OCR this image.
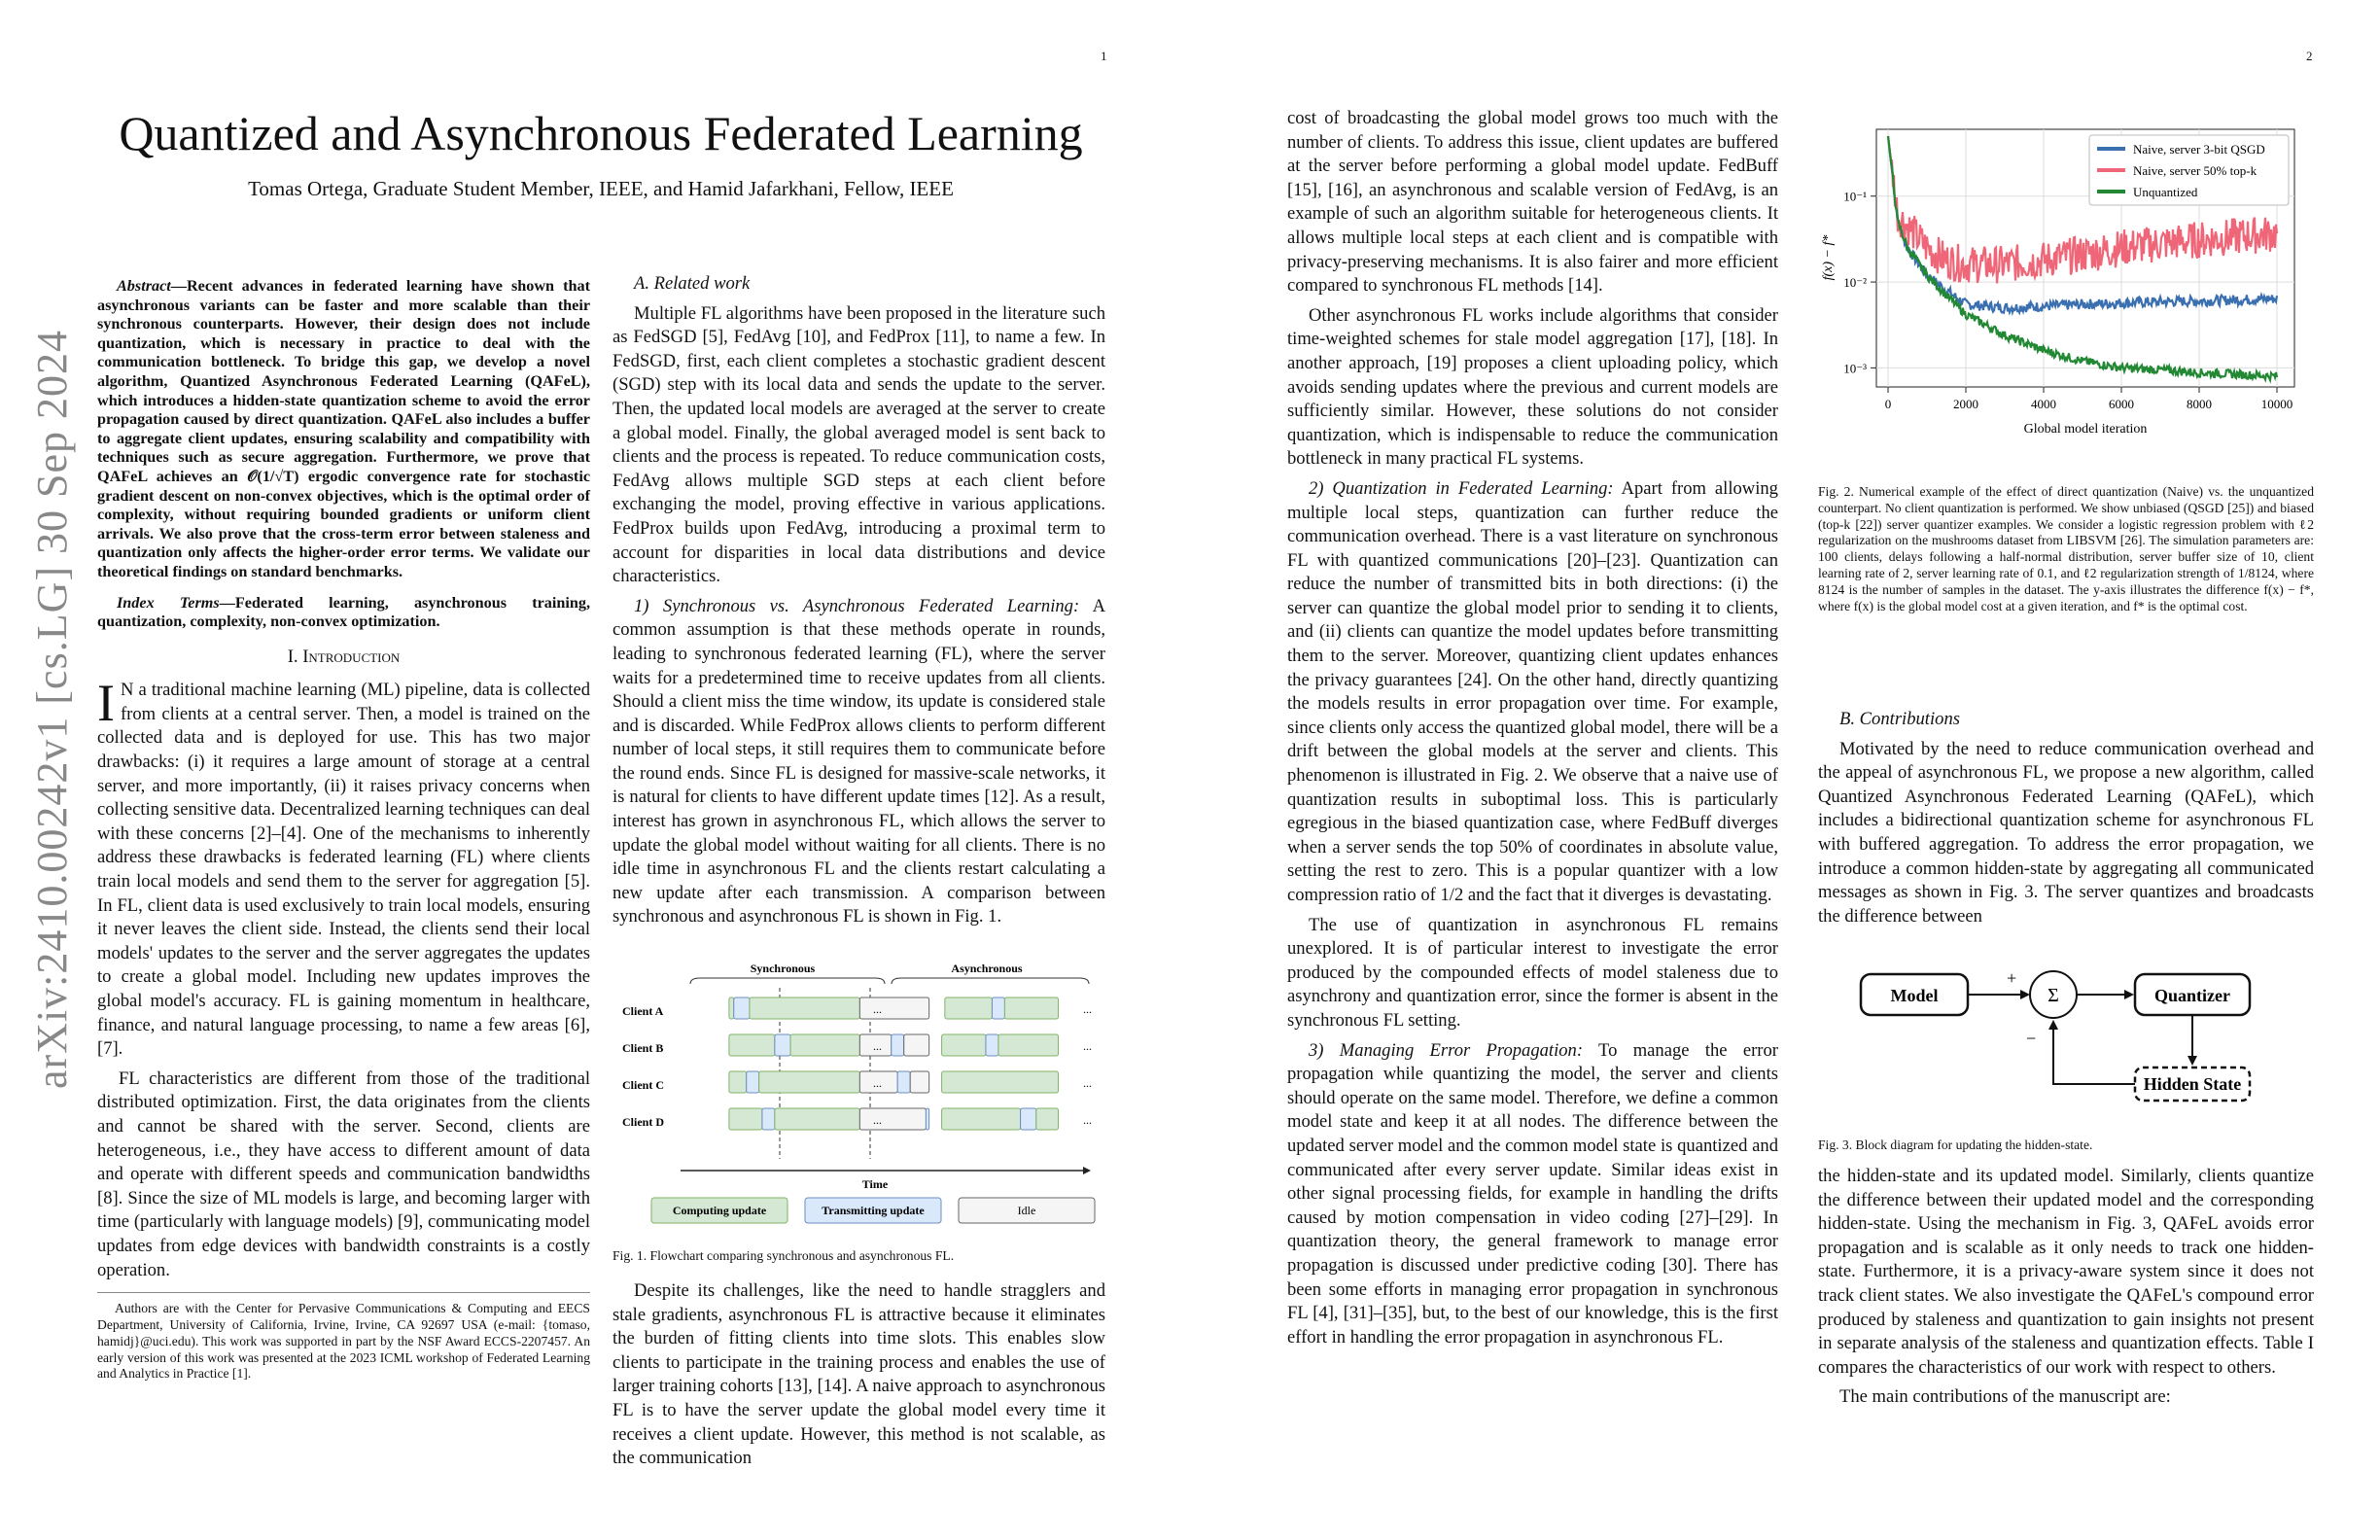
1
arXiv:2410.00242v1 [cs.LG] 30 Sep 2024
Quantized and Asynchronous Federated Learning
Tomas Ortega, Graduate Student Member, IEEE, and Hamid Jafarkhani, Fellow, IEEE

Abstract—Recent advances in federated learning have shown that asynchronous variants can be faster and more scalable than their synchronous counterparts. However, their design does not include quantization, which is necessary in practice to deal with the communication bottleneck. To bridge this gap, we develop a novel algorithm, Quantized Asynchronous Federated Learning (QAFeL), which introduces a hidden-state quantization scheme to avoid the error propagation caused by direct quantization. QAFeL also includes a buffer to aggregate client updates, ensuring scalability and compatibility with techniques such as secure aggregation. Furthermore, we prove that QAFeL achieves an 𝒪(1/√T) ergodic convergence rate for stochastic gradient descent on non-convex objectives, which is the optimal order of complexity, without requiring bounded gradients or uniform client arrivals. We also prove that the cross-term error between staleness and quantization only affects the higher-order error terms. We validate our theoretical findings on standard benchmarks.

Index Terms—Federated learning, asynchronous training, quantization, complexity, non-convex optimization.

I. Introduction

I N a traditional machine learning (ML) pipeline, data is collected from clients at a central server. Then, a model is trained on the collected data and is deployed for use. This has two major drawbacks: (i) it requires a large amount of storage at a central server, and more importantly, (ii) it raises privacy concerns when collecting sensitive data. Decentralized learning techniques can deal with these concerns [2]–[4]. One of the mechanisms to inherently address these drawbacks is federated learning (FL) where clients train local models and send them to the server for aggregation [5]. In FL, client data is used exclusively to train local models, ensuring it never leaves the client side. Instead, the clients send their local models' updates to the server and the server aggregates the updates to create a global model. Including new updates improves the global model's accuracy. FL is gaining momentum in healthcare, finance, and natural language processing, to name a few areas [6], [7].

FL characteristics are different from those of the traditional distributed optimization. First, the data originates from the clients and cannot be shared with the server. Second, clients are heterogeneous, i.e., they have access to different amount of data and operate with different speeds and communication bandwidths [8]. Since the size of ML models is large, and becoming larger with time (particularly with language models) [9], communicating model updates from edge devices with bandwidth constraints is a costly operation.

Authors are with the Center for Pervasive Communications & Computing and EECS Department, University of California, Irvine, Irvine, CA 92697 USA (e-mail: {tomaso, hamidj}@uci.edu). This work was supported in part by the NSF Award ECCS-2207457. An early version of this work was presented at the 2023 ICML workshop of Federated Learning and Analytics in Practice [1].

A. Related work

Multiple FL algorithms have been proposed in the literature such as FedSGD [5], FedAvg [10], and FedProx [11], to name a few. In FedSGD, first, each client completes a stochastic gradient descent (SGD) step with its local data and sends the update to the server. Then, the updated local models are averaged at the server to create a global model. Finally, the global averaged model is sent back to clients and the process is repeated. To reduce communication costs, FedAvg allows multiple SGD steps at each client before exchanging the model, proving effective in various applications. FedProx builds upon FedAvg, introducing a proximal term to account for disparities in local data distributions and device characteristics.

1) Synchronous vs. Asynchronous Federated Learning: A common assumption is that these methods operate in rounds, leading to synchronous federated learning (FL), where the server waits for a predetermined time to receive updates from all clients. Should a client miss the time window, its update is considered stale and is discarded. While FedProx allows clients to perform different number of local steps, it still requires them to communicate before the round ends. Since FL is designed for massive-scale networks, it is natural for clients to have different update times [12]. As a result, interest has grown in asynchronous FL, which allows the server to update the global model without waiting for all clients. There is no idle time in asynchronous FL and the clients restart calculating a new update after each transmission. A comparison between synchronous and asynchronous FL is shown in Fig. 1.

Synchronous	Asynchronous
...	...
...	...
...	...
...	...
Time
Computing update	Transmitting update	Idle
Client A
Client B
Client C
Client D
Fig. 1. Flowchart comparing synchronous and asynchronous FL.

Despite its challenges, like the need to handle stragglers and stale gradients, asynchronous FL is attractive because it eliminates the burden of fitting clients into time slots. This enables slow clients to participate in the training process and enables the use of larger training cohorts [13], [14]. A naive approach to asynchronous FL is to have the server update the global model every time it receives a client update. However, this method is not scalable, as the communication

2

cost of broadcasting the global model grows too much with the number of clients. To address this issue, client updates are buffered at the server before performing a global model update. FedBuff [15], [16], an asynchronous and scalable version of FedAvg, is an example of such an algorithm suitable for heterogeneous clients. It allows multiple local steps at each client and is compatible with privacy-preserving mechanisms. It is also fairer and more efficient compared to synchronous FL methods [14].

Other asynchronous FL works include algorithms that consider time-weighted schemes for stale model aggregation [17], [18]. In another approach, [19] proposes a client uploading policy, which avoids sending updates where the previous and current models are sufficiently similar. However, these solutions do not consider quantization, which is indispensable to reduce the communication bottleneck in many practical FL systems.

2) Quantization in Federated Learning: Apart from allowing multiple local steps, quantization can further reduce the communication overhead. There is a vast literature on synchronous FL with quantized communications [20]–[23]. Quantization can reduce the number of transmitted bits in both directions: (i) the server can quantize the global model prior to sending it to clients, and (ii) clients can quantize the model updates before transmitting them to the server. Moreover, quantizing client updates enhances the privacy guarantees [24]. On the other hand, directly quantizing the models results in error propagation over time. For example, since clients only access the quantized global model, there will be a drift between the global models at the server and clients. This phenomenon is illustrated in Fig. 2. We observe that a naive use of quantization results in suboptimal loss. This is particularly egregious in the biased quantization case, where FedBuff diverges when a server sends the top 50% of coordinates in absolute value, setting the rest to zero. This is a popular quantizer with a low compression ratio of 1/2 and the fact that it diverges is devastating.

The use of quantization in asynchronous FL remains unexplored. It is of particular interest to investigate the error produced by the compounded effects of model staleness due to asynchrony and quantization error, since the former is absent in the synchronous FL setting.

3) Managing Error Propagation: To manage the error propagation while quantizing the model, the server and clients should operate on the same model. Therefore, we define a common model state and keep it at all nodes. The difference between the updated server model and the common model state is quantized and communicated after every server update. Similar ideas exist in other signal processing fields, for example in handling the drifts caused by motion compensation in video coding [27]–[29]. In quantization theory, the general framework to manage error propagation is discussed under predictive coding [30]. There has been some efforts in managing error propagation in synchronous FL [4], [31]–[35], but, to the best of our knowledge, this is the first effort in handling the error propagation in asynchronous FL.

10⁻¹
10⁻²
10⁻³
0	2000	4000	6000	8000	10000
Global model iteration
f(x) − f*
Naive, server 3-bit QSGD
Naive, server 50% top-k
Unquantized
Fig. 2. Numerical example of the effect of direct quantization (Naive) vs. the unquantized counterpart. No client quantization is performed. We show unbiased (QSGD [25]) and biased (top-k [22]) server quantizer examples. We consider a logistic regression problem with ℓ2 regularization on the mushrooms dataset from LIBSVM [26]. The simulation parameters are: 100 clients, delays following a half-normal distribution, server buffer size of 10, client learning rate of 2, server learning rate of 0.1, and ℓ2 regularization strength of 1/8124, where 8124 is the number of samples in the dataset. The y-axis illustrates the difference f(x) − f*, where f(x) is the global model cost at a given iteration, and f* is the optimal cost.

B. Contributions

Motivated by the need to reduce communication overhead and the appeal of asynchronous FL, we propose a new algorithm, called Quantized Asynchronous Federated Learning (QAFeL), which includes a bidirectional quantization scheme for asynchronous FL with buffered aggregation. To address the error propagation, we introduce a common hidden-state by aggregating all communicated messages as shown in Fig. 3. The server quantizes and broadcasts the difference between

Model
+
Σ	Quantizer
Hidden State
−
Fig. 3. Block diagram for updating the hidden-state.

the hidden-state and its updated model. Similarly, clients quantize the difference between their updated model and the corresponding hidden-state. Using the mechanism in Fig. 3, QAFeL avoids error propagation and is scalable as it only needs to track one hidden-state. Furthermore, it is a privacy-aware system since it does not track client states. We also investigate the QAFeL's compound error produced by staleness and quantization to gain insights not present in separate analysis of the staleness and quantization effects. Table I compares the characteristics of our work with respect to others.

The main contributions of the manuscript are:
